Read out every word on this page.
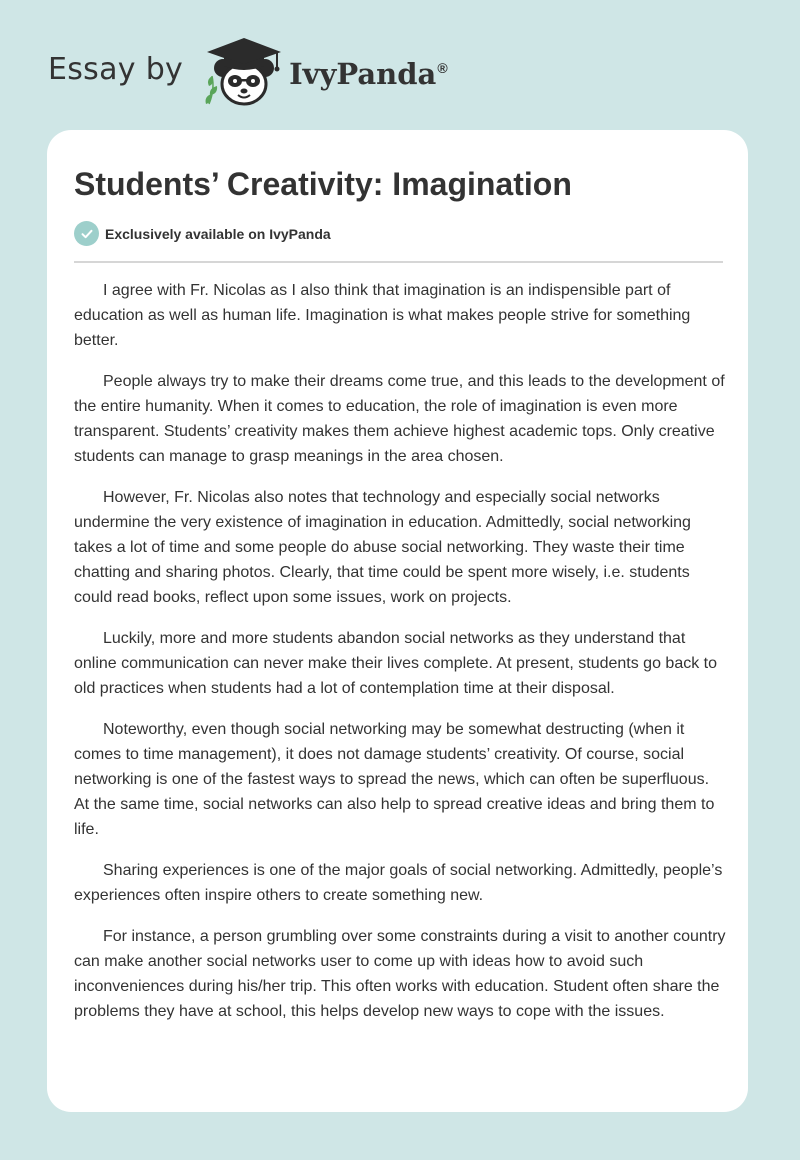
Essay by	IvyPanda®
Students’ Creativity: Imagination
Exclusively available on IvyPanda

I agree with Fr. Nicolas as I also think that imagination is an indispensible part of education as well as human life. Imagination is what makes people strive for something better.

People always try to make their dreams come true, and this leads to the development of the entire humanity. When it comes to education, the role of imagination is even more transparent. Students’ creativity makes them achieve highest academic tops. Only creative students can manage to grasp meanings in the area chosen.

However, Fr. Nicolas also notes that technology and especially social networks undermine the very existence of imagination in education. Admittedly, social networking takes a lot of time and some people do abuse social networking. They waste their time chatting and sharing photos. Clearly, that time could be spent more wisely, i.e. students could read books, reflect upon some issues, work on projects.

Luckily, more and more students abandon social networks as they understand that online communication can never make their lives complete. At present, students go back to old practices when students had a lot of contemplation time at their disposal.

Noteworthy, even though social networking may be somewhat destructing (when it comes to time management), it does not damage students’ creativity. Of course, social networking is one of the fastest ways to spread the news, which can often be superfluous. At the same time, social networks can also help to spread creative ideas and bring them to life.

Sharing experiences is one of the major goals of social networking. Admittedly, people’s experiences often inspire others to create something new.

For instance, a person grumbling over some constraints during a visit to another country can make another social networks user to come up with ideas how to avoid such inconveniences during his/her trip. This often works with education. Student often share the problems they have at school, this helps develop new ways to cope with the issues.
